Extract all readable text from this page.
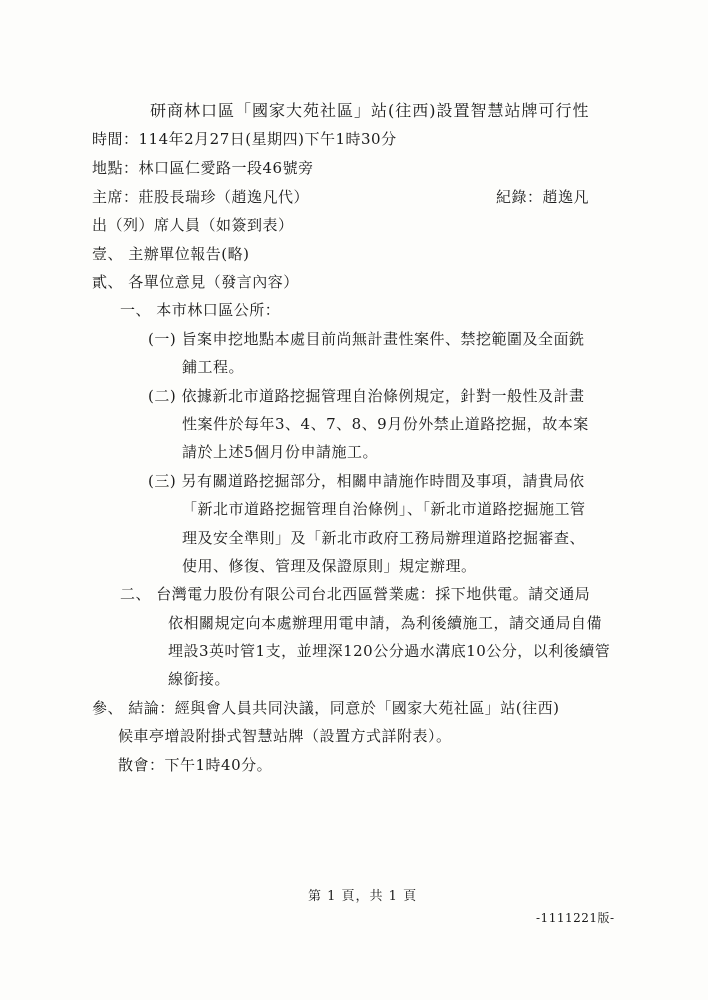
研商林口區「國家大苑社區」站(往西)設置智慧站牌可行性
時間：114年2月27日(星期四)下午1時30分
地點：林口區仁愛路一段46號旁
主席：莊股長瑞珍（趙逸凡代）	紀錄：趙逸凡
出（列）席人員（如簽到表）
壹、 主辦單位報告(略)
貳、 各單位意見（發言內容）
一、 本市林口區公所：
(一) 旨案申挖地點本處目前尚無計畫性案件、禁挖範圍及全面銑
鋪工程。
(二) 依據新北市道路挖掘管理自治條例規定，針對一般性及計畫
性案件於每年3、4、7、8、9月份外禁止道路挖掘，故本案
請於上述5個月份申請施工。
(三) 另有關道路挖掘部分，相關申請施作時間及事項，請貴局依
「新北市道路挖掘管理自治條例」、「新北市道路挖掘施工管
理及安全準則」及「新北市政府工務局辦理道路挖掘審查、
使用、修復、管理及保證原則」規定辦理。
二、 台灣電力股份有限公司台北西區營業處：採下地供電。請交通局
依相關規定向本處辦理用電申請，為利後續施工，請交通局自備
埋設3英吋管1支，並埋深120公分過水溝底10公分，以利後續管
線銜接。
參、 結論：經與會人員共同決議，同意於「國家大苑社區」站(往西)
候車亭增設附掛式智慧站牌（設置方式詳附表）。
散會：下午1時40分。
第 1 頁，共 1 頁
-1111221版-
